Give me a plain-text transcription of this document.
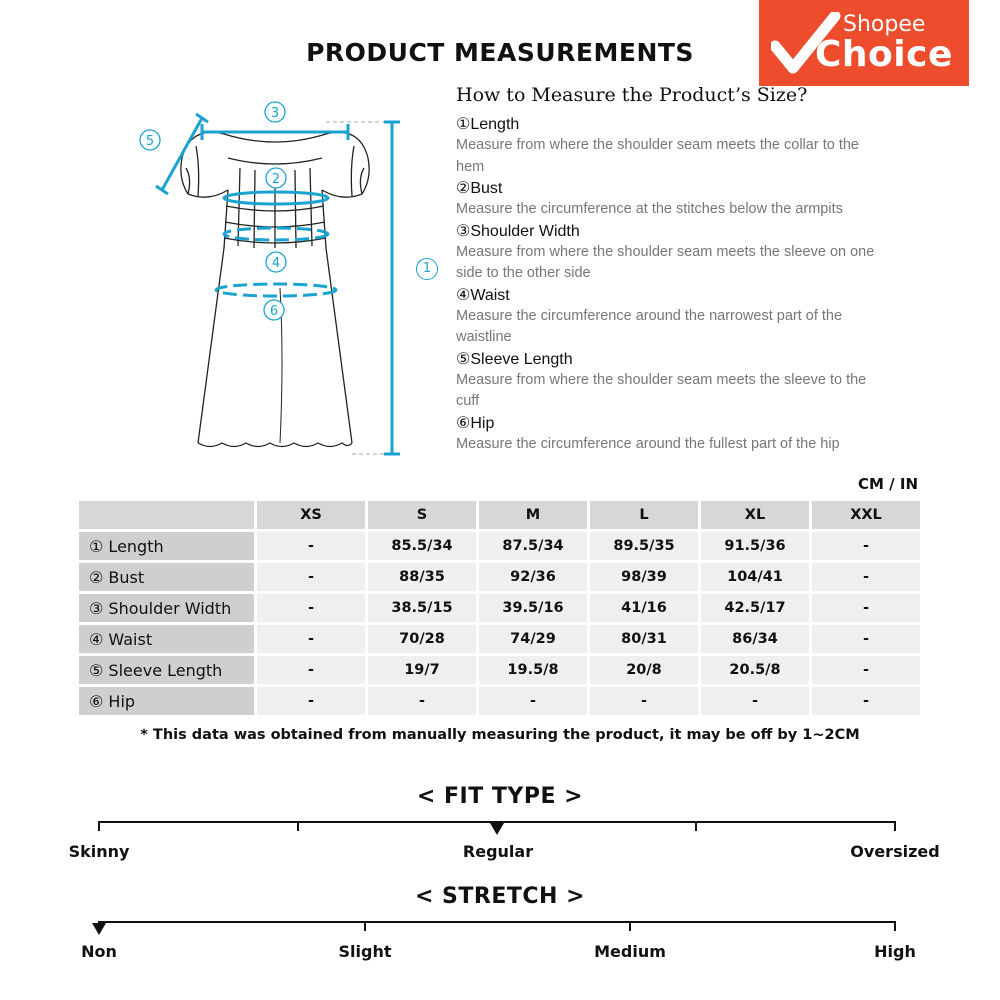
Shopee
Choice
PRODUCT MEASUREMENTS
3
5
2
4
6
1
How to Measure the Product’s Size?
①Length
Measure from where the shoulder seam meets the collar to the hem
②Bust
Measure the circumference at the stitches below the armpits
③Shoulder Width
Measure from where the shoulder seam meets the sleeve on one side to the other side
④Waist
Measure the circumference around the narrowest part of the waistline
⑤Sleeve Length
Measure from where the shoulder seam meets the sleeve to the cuff
⑥Hip
Measure the circumference around the fullest part of the hip
CM / IN
	XS	S	M	L	XL	XXL
① Length	-	85.5/34	87.5/34	89.5/35	91.5/36	-
② Bust	-	88/35	92/36	98/39	104/41	-
③ Shoulder Width	-	38.5/15	39.5/16	41/16	42.5/17	-
④ Waist	-	70/28	74/29	80/31	86/34	-
⑤ Sleeve Length	-	19/7	19.5/8	20/8	20.5/8	-
⑥ Hip	-	-	-	-	-	-
* This data was obtained from manually measuring the product, it may be off by 1~2CM
< FIT TYPE >
Skinny	Regular	Oversized
< STRETCH >
Non	Slight	Medium	High
